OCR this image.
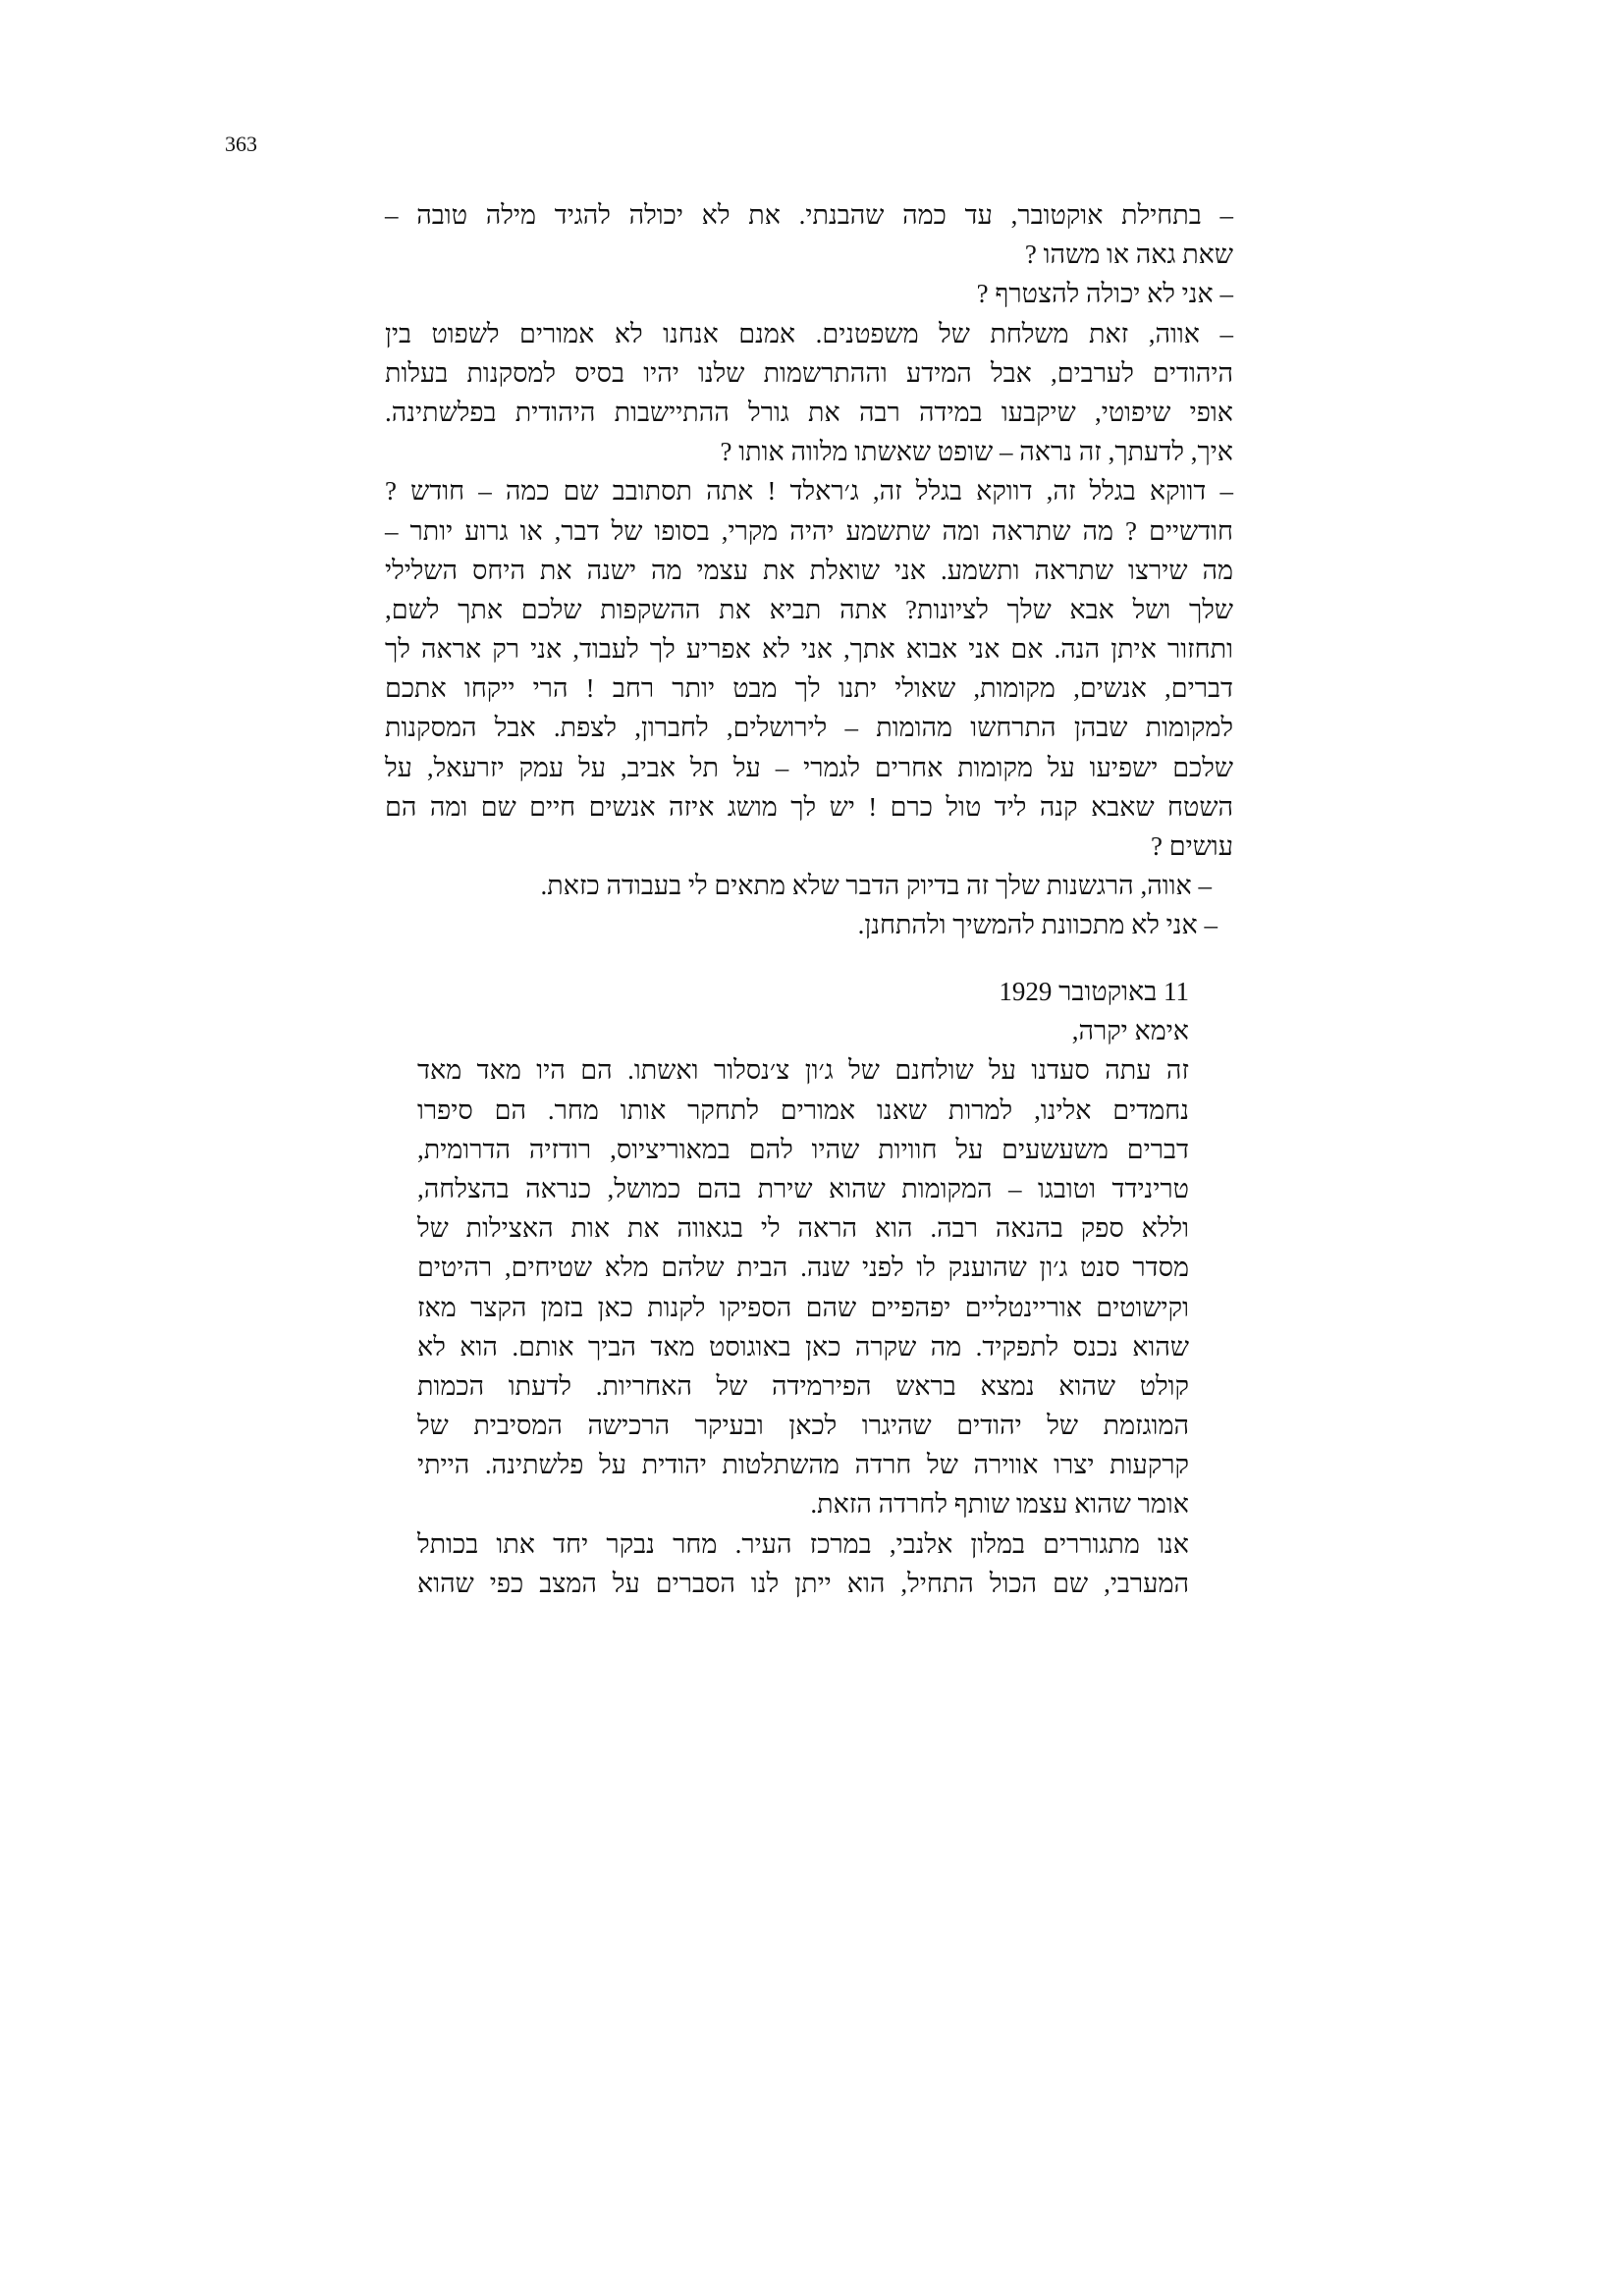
363
– בתחילת אוקטובר, עד כמה שהבנתי. את לא יכולה להגיד מילה טובה –
שאת גאה או משהו ?
– אני לא יכולה להצטרף ?
– אווה, זאת משלחת של משפטנים. אמנם אנחנו לא אמורים לשפוט בין
היהודים לערבים, אבל המידע וההתרשמות שלנו יהיו בסיס למסקנות בעלות
אופי שיפוטי, שיקבעו במידה רבה את גורל ההתיישבות היהודית בפלשתינה.
איך, לדעתך, זה נראה – שופט שאשתו מלווה אותו ?
– דווקא בגלל זה, דווקא בגלל זה, ג׳ראלד ! אתה תסתובב שם כמה – חודש ?
חודשיים ? מה שתראה ומה שתשמע יהיה מקרי, בסופו של דבר, או גרוע יותר –
מה שירצו שתראה ותשמע. אני שואלת את עצמי מה ישנה את היחס השלילי
שלך ושל אבא שלך לציונות? אתה תביא את ההשקפות שלכם אתך לשם,
ותחזור איתן הנה. אם אני אבוא אתך, אני לא אפריע לך לעבוד, אני רק אראה לך
דברים, אנשים, מקומות, שאולי יתנו לך מבט יותר רחב ! הרי ייקחו אתכם
למקומות שבהן התרחשו מהומות – לירושלים, לחברון, לצפת. אבל המסקנות
שלכם ישפיעו על מקומות אחרים לגמרי – על תל אביב, על עמק יזרעאל, על
השטח שאבא קנה ליד טול כרם ! יש לך מושג איזה אנשים חיים שם ומה הם
עושים ?
– אווה, הרגשנות שלך זה בדיוק הדבר שלא מתאים לי בעבודה כזאת.
– אני לא מתכוונת להמשיך ולהתחנן.
11 באוקטובר 1929
אימא יקרה,
זה עתה סעדנו על שולחנם של ג׳ון צ׳נסלור ואשתו. הם היו מאד מאד
נחמדים אלינו, למרות שאנו אמורים לתחקר אותו מחר. הם סיפרו
דברים משעשעים על חוויות שהיו להם במאוריציוס, רודזיה הדרומית,
טרינידד וטובגו – המקומות שהוא שירת בהם כמושל, כנראה בהצלחה,
וללא ספק בהנאה רבה. הוא הראה לי בגאווה את אות האצילות של
מסדר סנט ג׳ון שהוענק לו לפני שנה. הבית שלהם מלא שטיחים, רהיטים
וקישוטים אוריינטליים יפהפיים שהם הספיקו לקנות כאן בזמן הקצר מאז
שהוא נכנס לתפקיד. מה שקרה כאן באוגוסט מאד הביך אותם. הוא לא
קולט שהוא נמצא בראש הפירמידה של האחריות. לדעתו הכמות
המוגזמת של יהודים שהיגרו לכאן ובעיקר הרכישה המסיבית של
קרקעות יצרו אווירה של חרדה מהשתלטות יהודית על פלשתינה. הייתי
אומר שהוא עצמו שותף לחרדה הזאת.
אנו מתגוררים במלון אלנבי, במרכז העיר. מחר נבקר יחד אתו בכותל
המערבי, שם הכול התחיל, הוא ייתן לנו הסברים על המצב כפי שהוא
